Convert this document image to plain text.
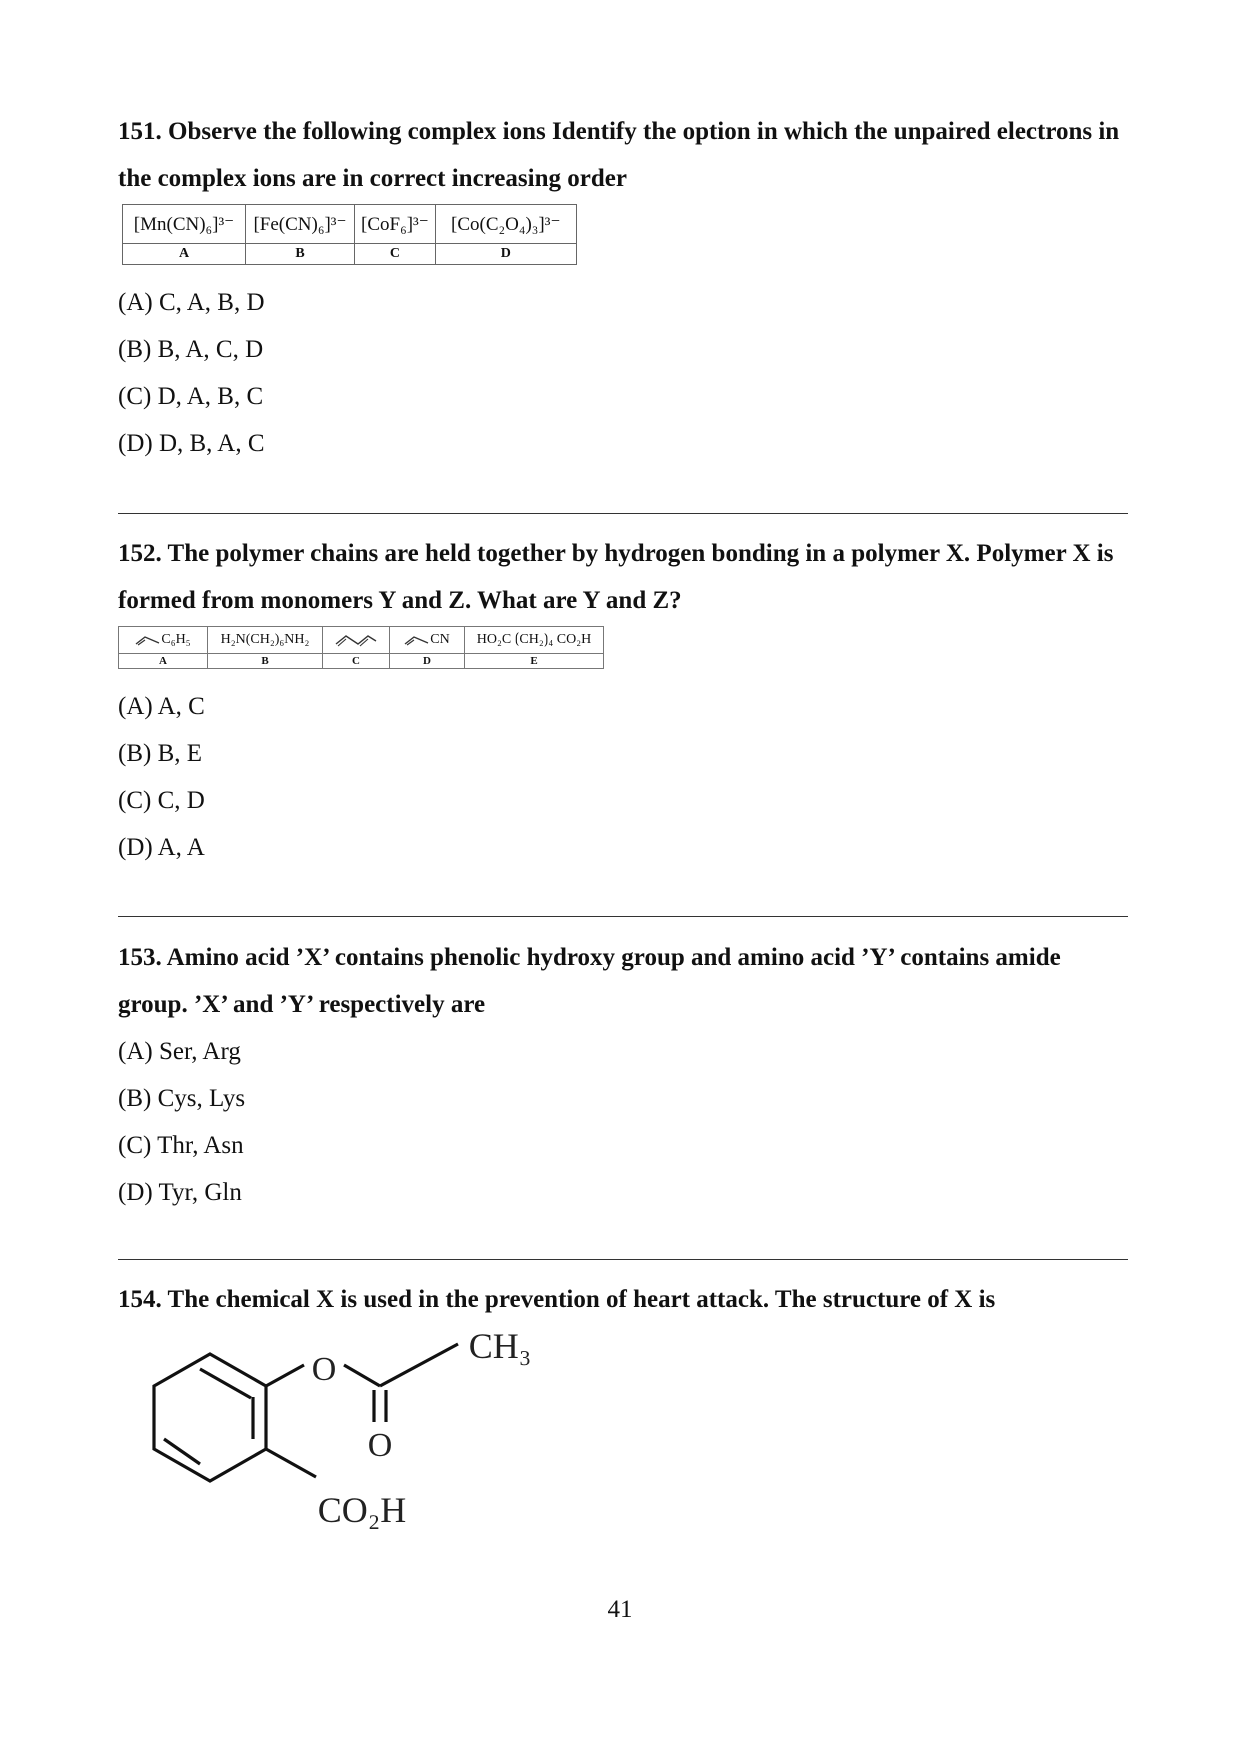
151. Observe the following complex ions Identify the option in which the unpaired electrons in the complex ions are in correct increasing order

[Mn(CN)₆]³⁻	[Fe(CN)₆]³⁻	[CoF₆]³⁻	[Co(C₂O₄)₃]³⁻
A	B	C	D

(A) C, A, B, D

(B) B, A, C, D

(C) D, A, B, C

(D) D, B, A, C

152. The polymer chains are held together by hydrogen bonding in a polymer X. Polymer X is formed from monomers Y and Z. What are Y and Z?

C₆H₅	H₂N(CH₂)₆NH₂		CN	HO₂C ⟮CH₂⟯₄ CO₂H
A	B	C	D	E

(A) A, C

(B) B, E

(C) C, D

(D) A, A

153. Amino acid ’X’ contains phenolic hydroxy group and amino acid ’Y’ contains amide group. ’X’ and ’Y’ respectively are

(A) Ser, Arg

(B) Cys, Lys

(C) Thr, Asn

(D) Tyr, Gln

154. The chemical X is used in the prevention of heart attack. The structure of X is

O
CH₃
O
CO₂H
41
